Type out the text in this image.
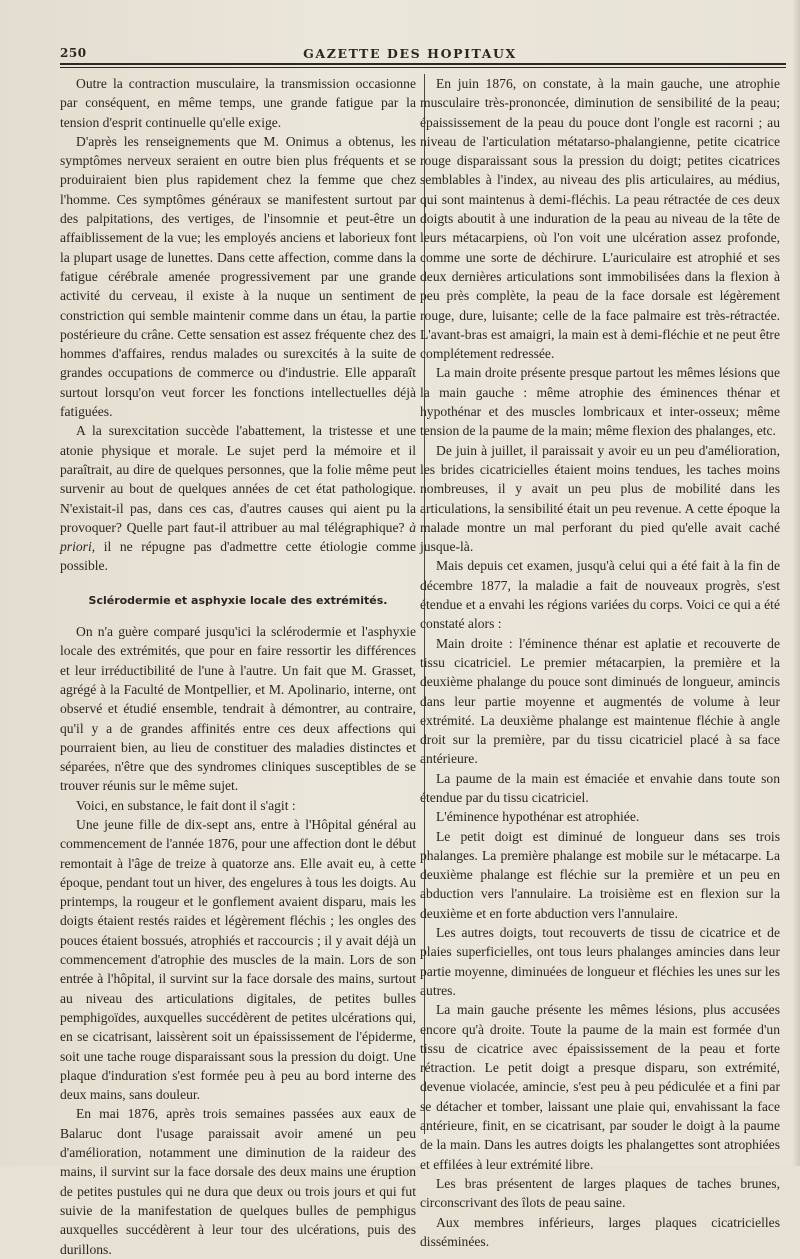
250	GAZETTE DES HOPITAUX

Outre la contraction musculaire, la transmission occasionne par conséquent, en même temps, une grande fatigue par la tension d'esprit continuelle qu'elle exige.

D'après les renseignements que M. Onimus a obtenus, les symptômes nerveux seraient en outre bien plus fréquents et se produiraient bien plus rapidement chez la femme que chez l'homme. Ces symptômes généraux se manifestent surtout par des palpitations, des vertiges, de l'insomnie et peut-être un affaiblissement de la vue; les employés anciens et laborieux font la plupart usage de lunettes. Dans cette affection, comme dans la fatigue cérébrale amenée progressivement par une grande activité du cerveau, il existe à la nuque un sentiment de constriction qui semble maintenir comme dans un étau, la partie postérieure du crâne. Cette sensation est assez fréquente chez des hommes d'affaires, rendus malades ou surexcités à la suite de grandes occupations de commerce ou d'industrie. Elle apparaît surtout lorsqu'on veut forcer les fonctions intellectuelles déjà fatiguées.

A la surexcitation succède l'abattement, la tristesse et une atonie physique et morale. Le sujet perd la mémoire et il paraîtrait, au dire de quelques personnes, que la folie même peut survenir au bout de quelques années de cet état pathologique. N'existait-il pas, dans ces cas, d'autres causes qui aient pu la provoquer? Quelle part faut-il attribuer au mal télégraphique? à priori, il ne répugne pas d'admettre cette étiologie comme possible.

Sclérodermie et asphyxie locale des extrémités.

On n'a guère comparé jusqu'ici la sclérodermie et l'asphyxie locale des extrémités, que pour en faire ressortir les différences et leur irréductibilité de l'une à l'autre. Un fait que M. Grasset, agrégé à la Faculté de Montpellier, et M. Apolinario, interne, ont observé et étudié ensemble, tendrait à démontrer, au contraire, qu'il y a de grandes affinités entre ces deux affections qui pourraient bien, au lieu de constituer des maladies distinctes et séparées, n'être que des syndromes cliniques susceptibles de se trouver réunis sur le même sujet.

Voici, en substance, le fait dont il s'agit :

Une jeune fille de dix-sept ans, entre à l'Hôpital général au commencement de l'année 1876, pour une affection dont le début remontait à l'âge de treize à quatorze ans. Elle avait eu, à cette époque, pendant tout un hiver, des engelures à tous les doigts. Au printemps, la rougeur et le gonflement avaient disparu, mais les doigts étaient restés raides et légèrement fléchis ; les ongles des pouces étaient bossués, atrophiés et raccourcis ; il y avait déjà un commencement d'atrophie des muscles de la main. Lors de son entrée à l'hôpital, il survint sur la face dorsale des mains, surtout au niveau des articulations digitales, de petites bulles pemphigoïdes, auxquelles succédèrent de petites ulcérations qui, en se cicatrisant, laissèrent soit un épaississement de l'épiderme, soit une tache rouge disparaissant sous la pression du doigt. Une plaque d'induration s'est formée peu à peu au bord interne des deux mains, sans douleur.

En mai 1876, après trois semaines passées aux eaux de Balaruc dont l'usage paraissait avoir amené un peu d'amélioration, notamment une diminution de la raideur des mains, il survint sur la face dorsale des deux mains une éruption de petites pustules qui ne dura que deux ou trois jours et qui fut suivie de la manifestation de quelques bulles de pemphigus auxquelles succédèrent à leur tour des ulcérations, puis des durillons.

En juin 1876, on constate, à la main gauche, une atrophie musculaire très-prononcée, diminution de sensibilité de la peau; épaississement de la peau du pouce dont l'ongle est racorni ; au niveau de l'articulation métatarso-phalangienne, petite cicatrice rouge disparaissant sous la pression du doigt; petites cicatrices semblables à l'index, au niveau des plis articulaires, au médius, qui sont maintenus à demi-fléchis. La peau rétractée de ces deux doigts aboutit à une induration de la peau au niveau de la tête de leurs métacarpiens, où l'on voit une ulcération assez profonde, comme une sorte de déchirure. L'auriculaire est atrophié et ses deux dernières articulations sont immobilisées dans la flexion à peu près complète, la peau de la face dorsale est légèrement rouge, dure, luisante; celle de la face palmaire est très-rétractée. L'avant-bras est amaigri, la main est à demi-fléchie et ne peut être complétement redressée.

La main droite présente presque partout les mêmes lésions que la main gauche : même atrophie des éminences thénar et hypothénar et des muscles lombricaux et inter-osseux; même tension de la paume de la main; même flexion des phalanges, etc.

De juin à juillet, il paraissait y avoir eu un peu d'amélioration, les brides cicatricielles étaient moins tendues, les taches moins nombreuses, il y avait un peu plus de mobilité dans les articulations, la sensibilité était un peu revenue. A cette époque la malade montre un mal perforant du pied qu'elle avait caché jusque-là.

Mais depuis cet examen, jusqu'à celui qui a été fait à la fin de décembre 1877, la maladie a fait de nouveaux progrès, s'est étendue et a envahi les régions variées du corps. Voici ce qui a été constaté alors :

Main droite : l'éminence thénar est aplatie et recouverte de tissu cicatriciel. Le premier métacarpien, la première et la deuxième phalange du pouce sont diminués de longueur, amincis dans leur partie moyenne et augmentés de volume à leur extrémité. La deuxième phalange est maintenue fléchie à angle droit sur la première, par du tissu cicatriciel placé à sa face antérieure.

La paume de la main est émaciée et envahie dans toute son étendue par du tissu cicatriciel.

L'éminence hypothénar est atrophiée.

Le petit doigt est diminué de longueur dans ses trois phalanges. La première phalange est mobile sur le métacarpe. La deuxième phalange est fléchie sur la première et un peu en abduction vers l'annulaire. La troisième est en flexion sur la deuxième et en forte abduction vers l'annulaire.

Les autres doigts, tout recouverts de tissu de cicatrice et de plaies superficielles, ont tous leurs phalanges amincies dans leur partie moyenne, diminuées de longueur et fléchies les unes sur les autres.

La main gauche présente les mêmes lésions, plus accusées encore qu'à droite. Toute la paume de la main est formée d'un tissu de cicatrice avec épaississement de la peau et forte rétraction. Le petit doigt a presque disparu, son extrémité, devenue violacée, amincie, s'est peu à peu pédiculée et a fini par se détacher et tomber, laissant une plaie qui, envahissant la face antérieure, finit, en se cicatrisant, par souder le doigt à la paume de la main. Dans les autres doigts les phalangettes sont atrophiées et effilées à leur extrémité libre.

Les bras présentent de larges plaques de taches brunes, circonscrivant des îlots de peau saine.

Aux membres inférieurs, larges plaques cicatricielles disséminées.
